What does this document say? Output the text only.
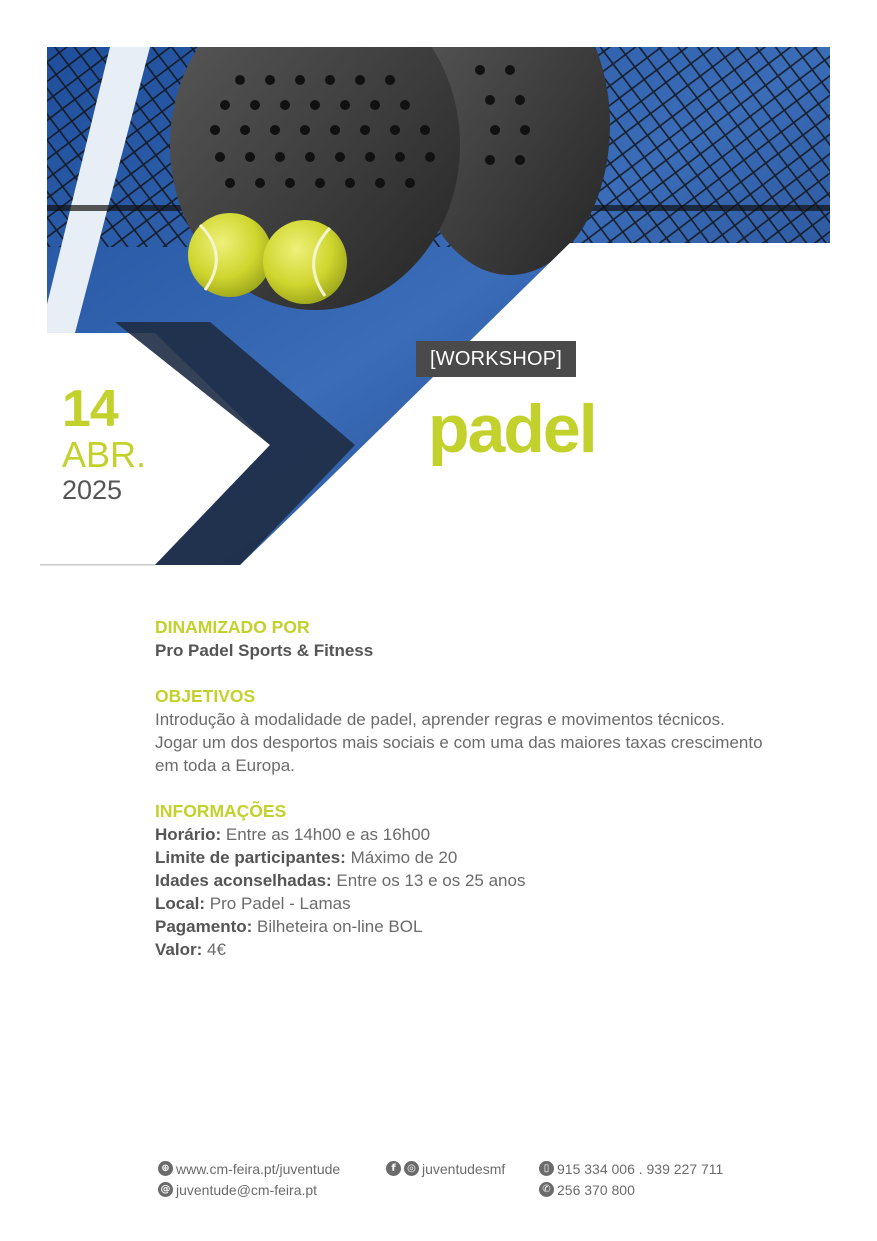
[WORKSHOP]
padel
14
ABR.
2025
DINAMIZADO POR
Pro Padel Sports & Fitness
OBJETIVOS
Introdução à modalidade de padel, aprender regras e movimentos técnicos.
Jogar um dos desportos mais sociais e com uma das maiores taxas crescimento
em toda a Europa.
INFORMAÇÕES
Horário: Entre as 14h00 e as 16h00
Limite de participantes: Máximo de 20
Idades aconselhadas: Entre os 13 e os 25 anos
Local: Pro Padel - Lamas
Pagamento: Bilheteira on-line BOL
Valor: 4€
⊕ www.cm-feira.pt/juventude
@ juventude@cm-feira.pt
f	◎ juventudesmf	▯ 915 334 006 . 939 227 711
✆ 256 370 800
